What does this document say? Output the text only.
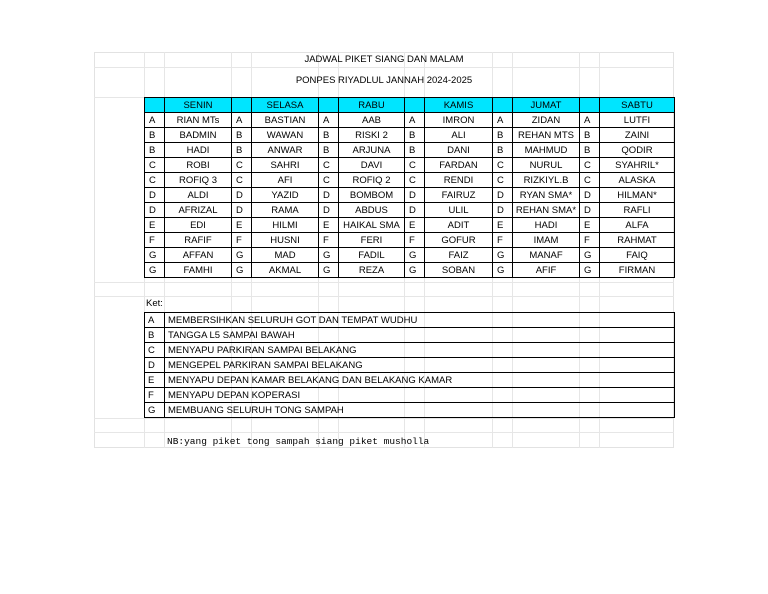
JADWAL PIKET SIANG DAN MALAM
PONPES RIYADLUL JANNAH 2024-2025
	SENIN		SELASA		RABU		KAMIS		JUMAT		SABTU
A	RIAN MTs	A	BASTIAN	A	AAB	A	IMRON	A	ZIDAN	A	LUTFI
B	BADMIN	B	WAWAN	B	RISKI 2	B	ALI	B	REHAN MTS	B	ZAINI
B	HADI	B	ANWAR	B	ARJUNA	B	DANI	B	MAHMUD	B	QODIR
C	ROBI	C	SAHRI	C	DAVI	C	FARDAN	C	NURUL	C	SYAHRIL*
C	ROFIQ 3	C	AFI	C	ROFIQ 2	C	RENDI	C	RIZKIYL.B	C	ALASKA
D	ALDI	D	YAZID	D	BOMBOM	D	FAIRUZ	D	RYAN SMA*	D	HILMAN*
D	AFRIZAL	D	RAMA	D	ABDUS	D	ULIL	D	REHAN SMA*	D	RAFLI
E	EDI	E	HILMI	E	HAIKAL SMA	E	ADIT	E	HADI	E	ALFA
F	RAFIF	F	HUSNI	F	FERI	F	GOFUR	F	IMAM	F	RAHMAT
G	AFFAN	G	MAD	G	FADIL	G	FAIZ	G	MANAF	G	FAIQ
G	FAMHI	G	AKMAL	G	REZA	G	SOBAN	G	AFIF	G	FIRMAN
Ket:
A	MEMBERSIHKAN SELURUH GOT DAN TEMPAT WUDHU
B	TANGGA L5 SAMPAI BAWAH
C	MENYAPU PARKIRAN SAMPAI BELAKANG
D	MENGEPEL PARKIRAN SAMPAI BELAKANG
E	MENYAPU DEPAN KAMAR BELAKANG DAN BELAKANG KAMAR
F	MENYAPU DEPAN KOPERASI
G	MEMBUANG SELURUH TONG SAMPAH
NB:yang piket tong sampah siang piket musholla
